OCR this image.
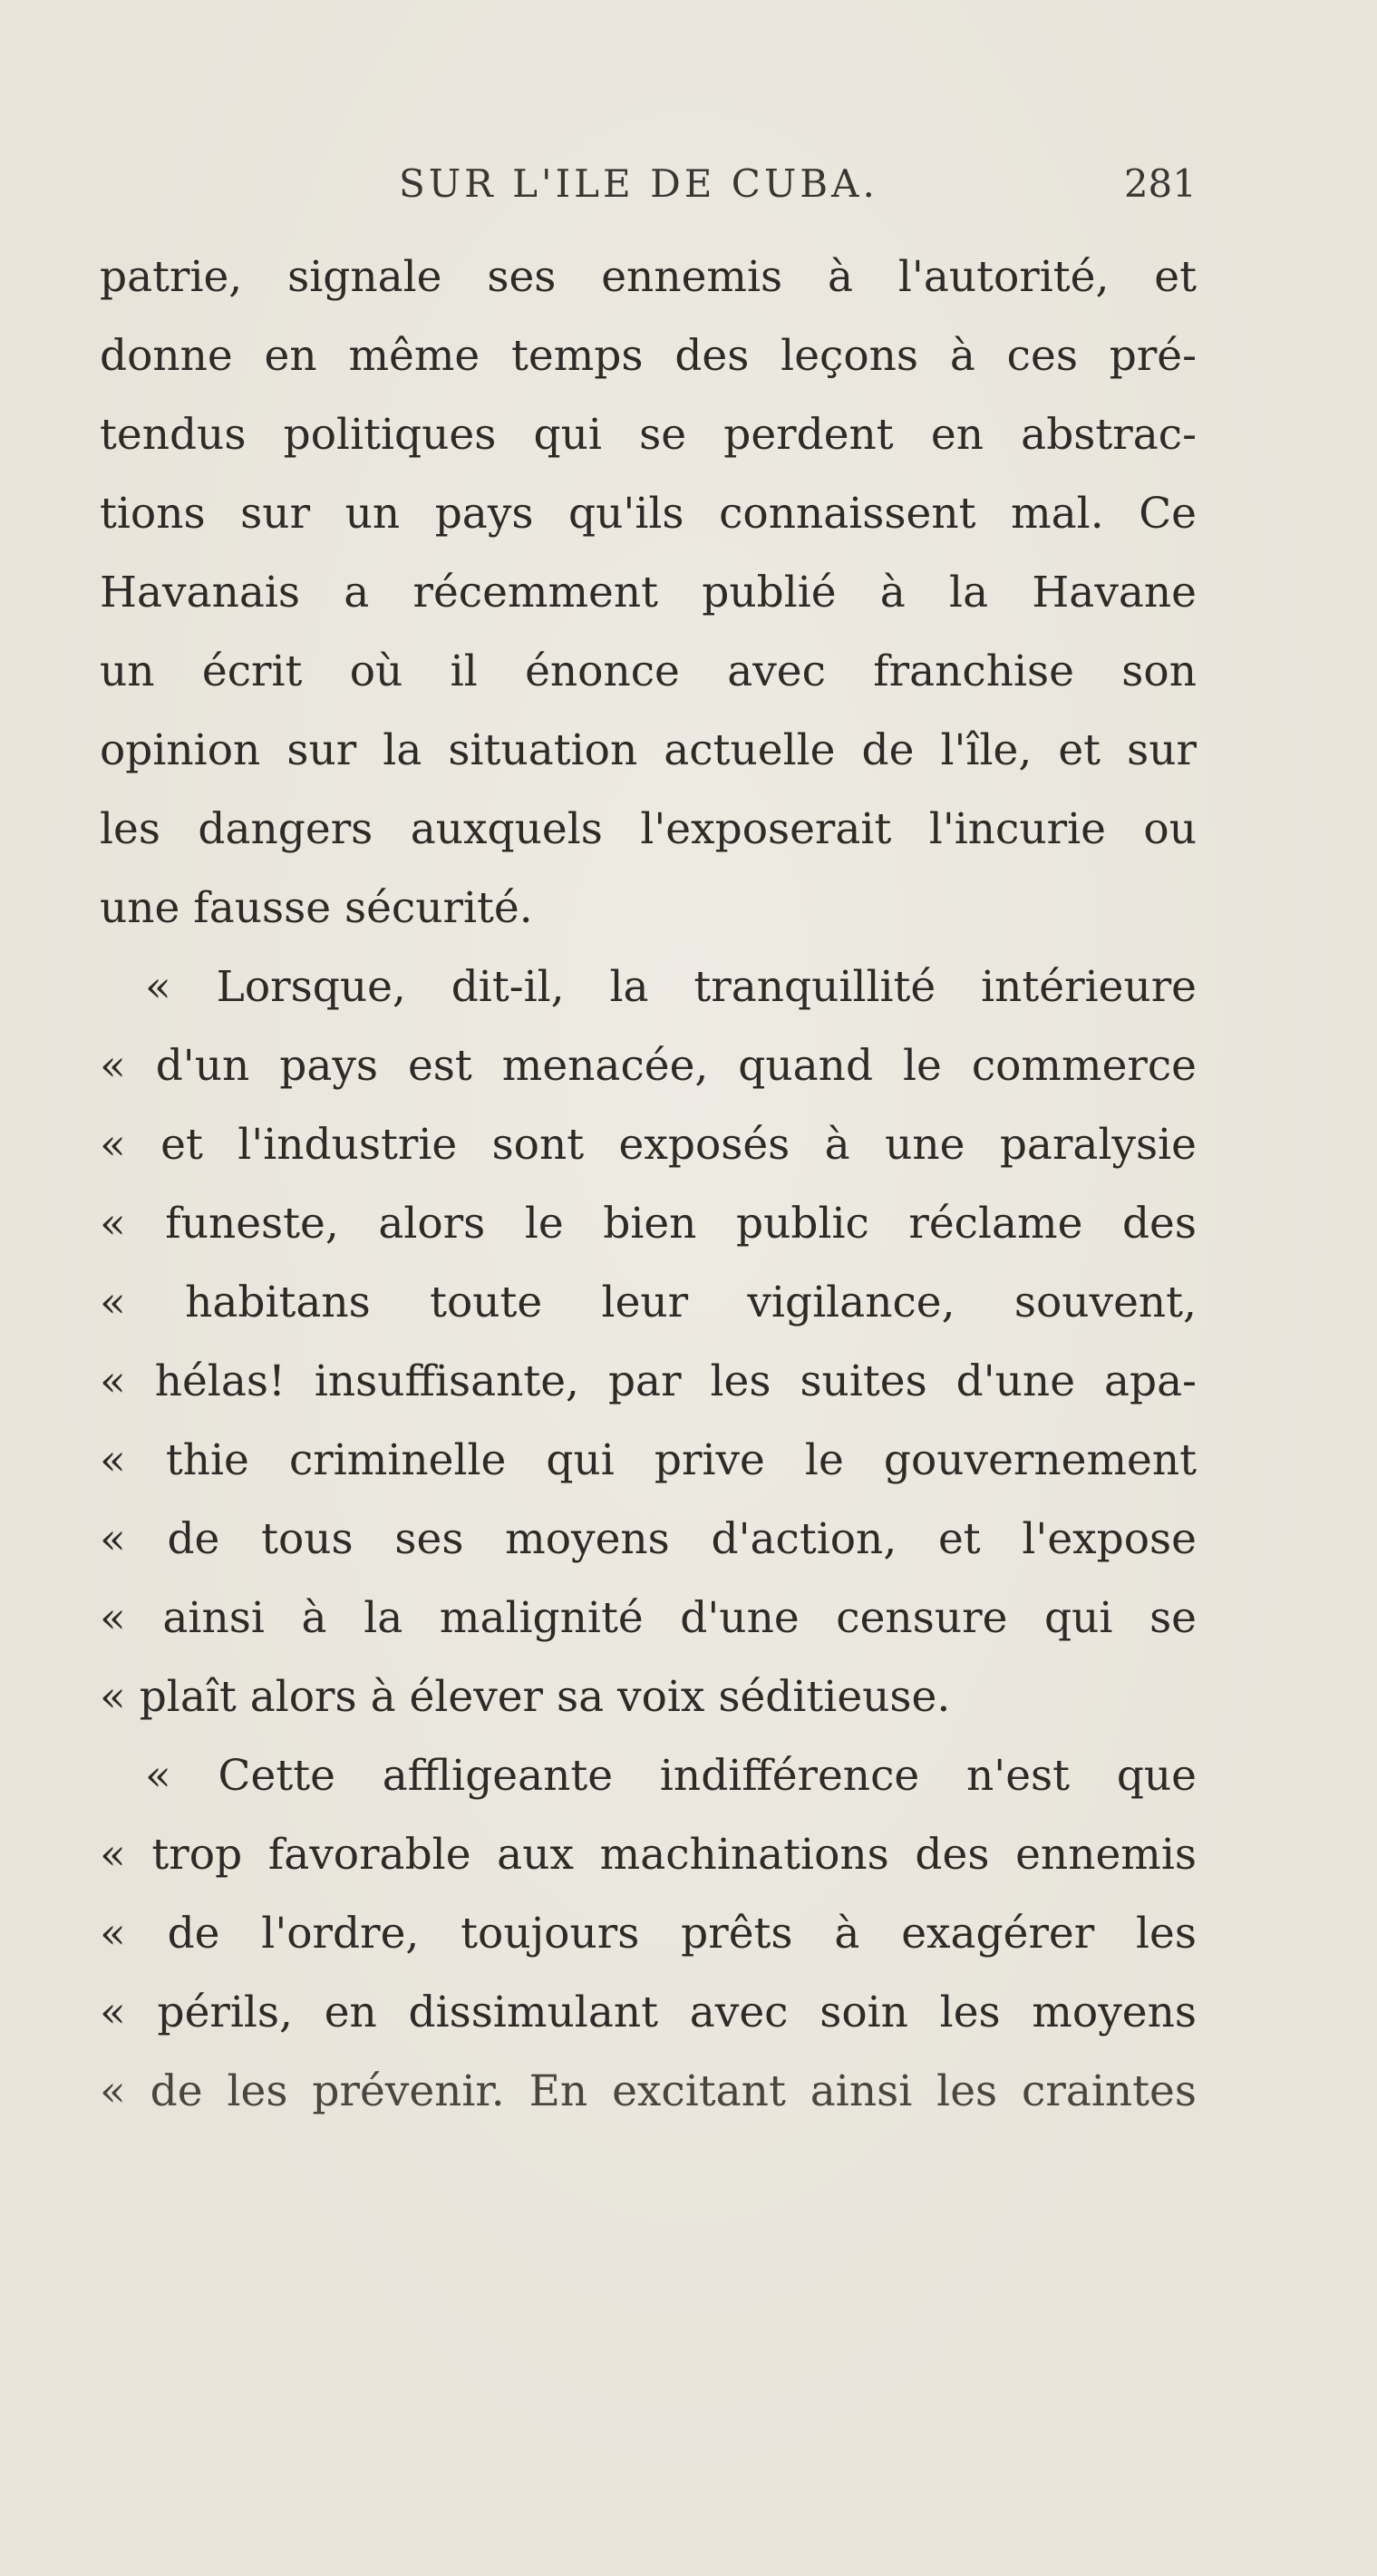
SUR L'ILE DE CUBA.	281
patrie, signale ses ennemis à l'autorité, et
donne en même temps des leçons à ces pré-
tendus politiques qui se perdent en abstrac-
tions sur un pays qu'ils connaissent mal. Ce
Havanais a récemment publié à la Havane
un écrit où il énonce avec franchise son
opinion sur la situation actuelle de l'île, et sur
les dangers auxquels l'exposerait l'incurie ou
une fausse sécurité.
« Lorsque, dit-il, la tranquillité intérieure
« d'un pays est menacée, quand le commerce
« et l'industrie sont exposés à une paralysie
« funeste, alors le bien public réclame des
« habitans toute leur vigilance, souvent,
« hélas! insuffisante, par les suites d'une apa-
« thie criminelle qui prive le gouvernement
« de tous ses moyens d'action, et l'expose
« ainsi à la malignité d'une censure qui se
« plaît alors à élever sa voix séditieuse.
« Cette affligeante indifférence n'est que
« trop favorable aux machinations des ennemis
« de l'ordre, toujours prêts à exagérer les
« périls, en dissimulant avec soin les moyens
« de les prévenir. En excitant ainsi les craintes
